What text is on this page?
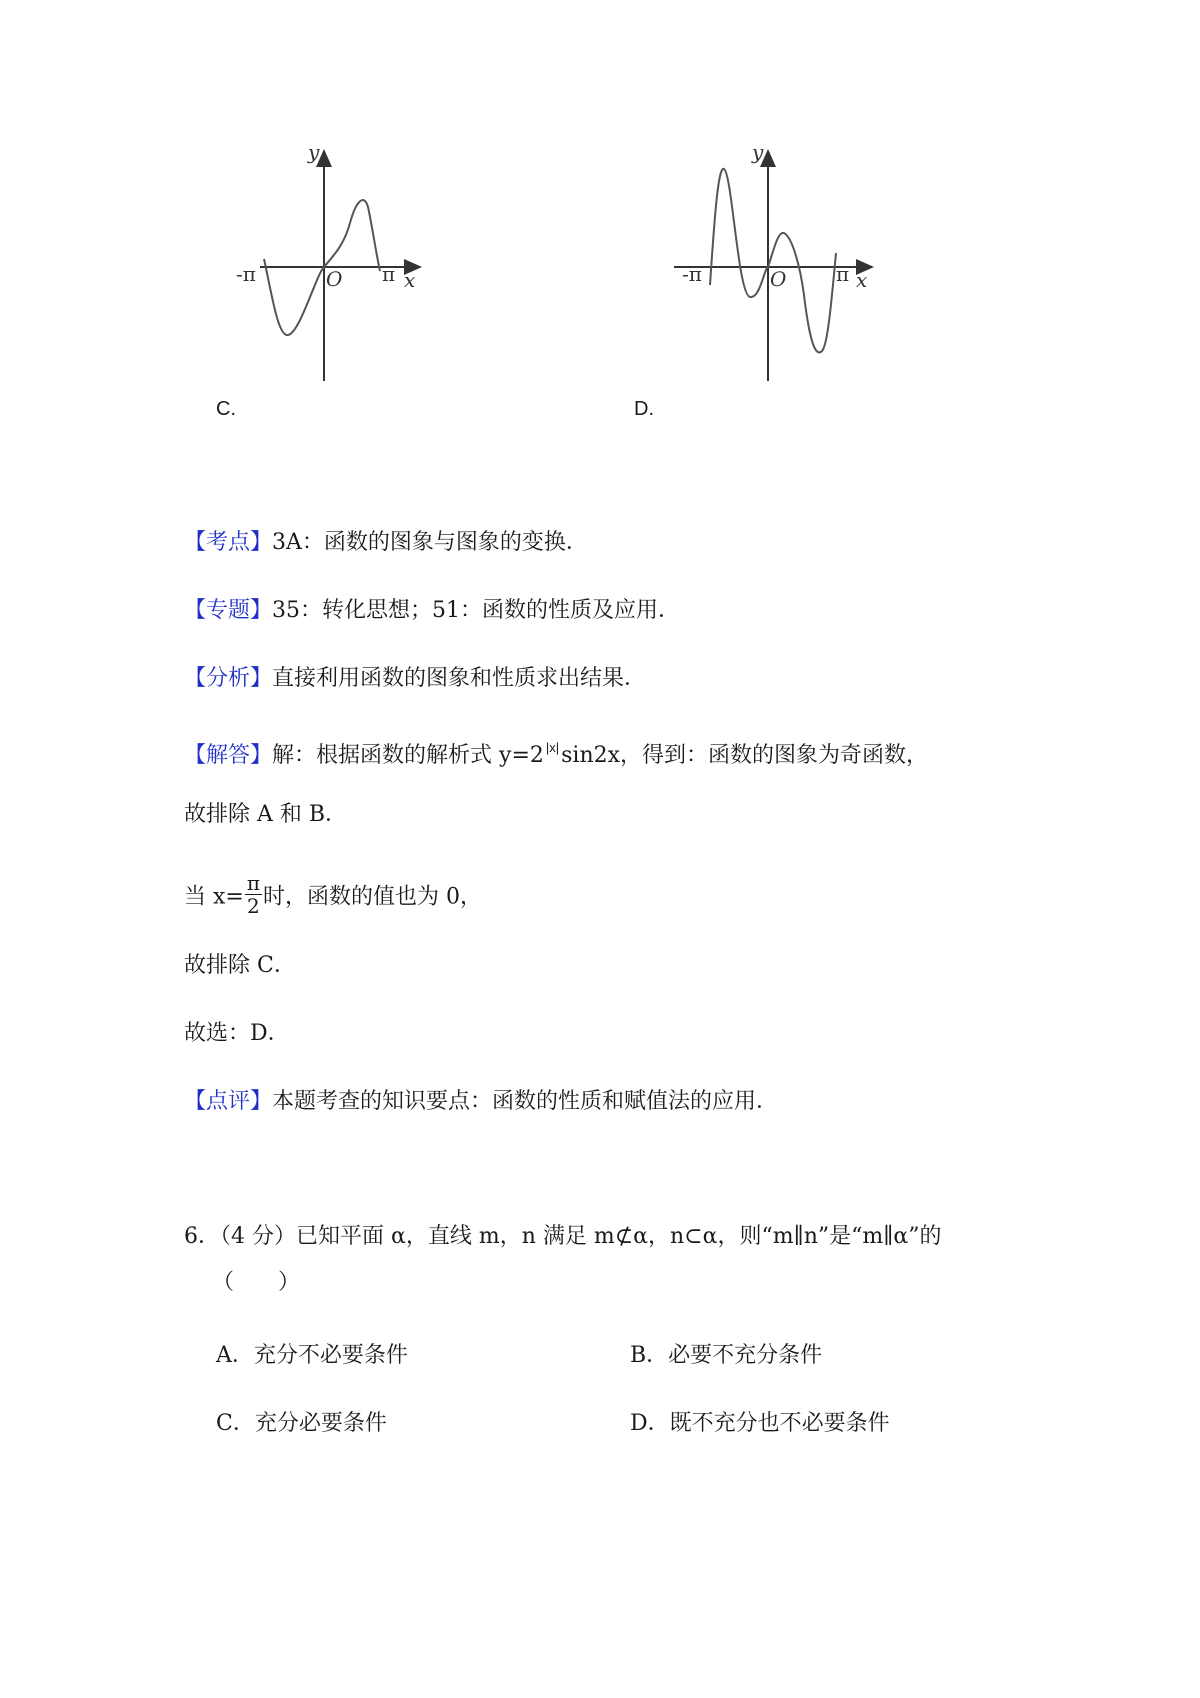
y
x
O
-π	π
C.
y
x
O
-π	π
D.
【考点】3A：函数的图象与图象的变换．
【专题】35：转化思想；51：函数的性质及应用．
【分析】直接利用函数的图象和性质求出结果．
【解答】解：根据函数的解析式 y=2 $^{|x|}$sin2x，得到：函数的图象为奇函数，
故排除 A 和 B．
当 $x= \frac{\pi}{2}$ 时，函数的值也为 0，
故排除 C．
故选：D．
【点评】本题考查的知识要点：函数的性质和赋值法的应用．
6．（4 分）已知平面 α，直线 m，n 满足 m⊄α，n⊂α，则“m∥n”是“m∥α”的
（　　）
A．充分不必要条件	B．必要不充分条件
C．充分必要条件	D．既不充分也不必要条件
